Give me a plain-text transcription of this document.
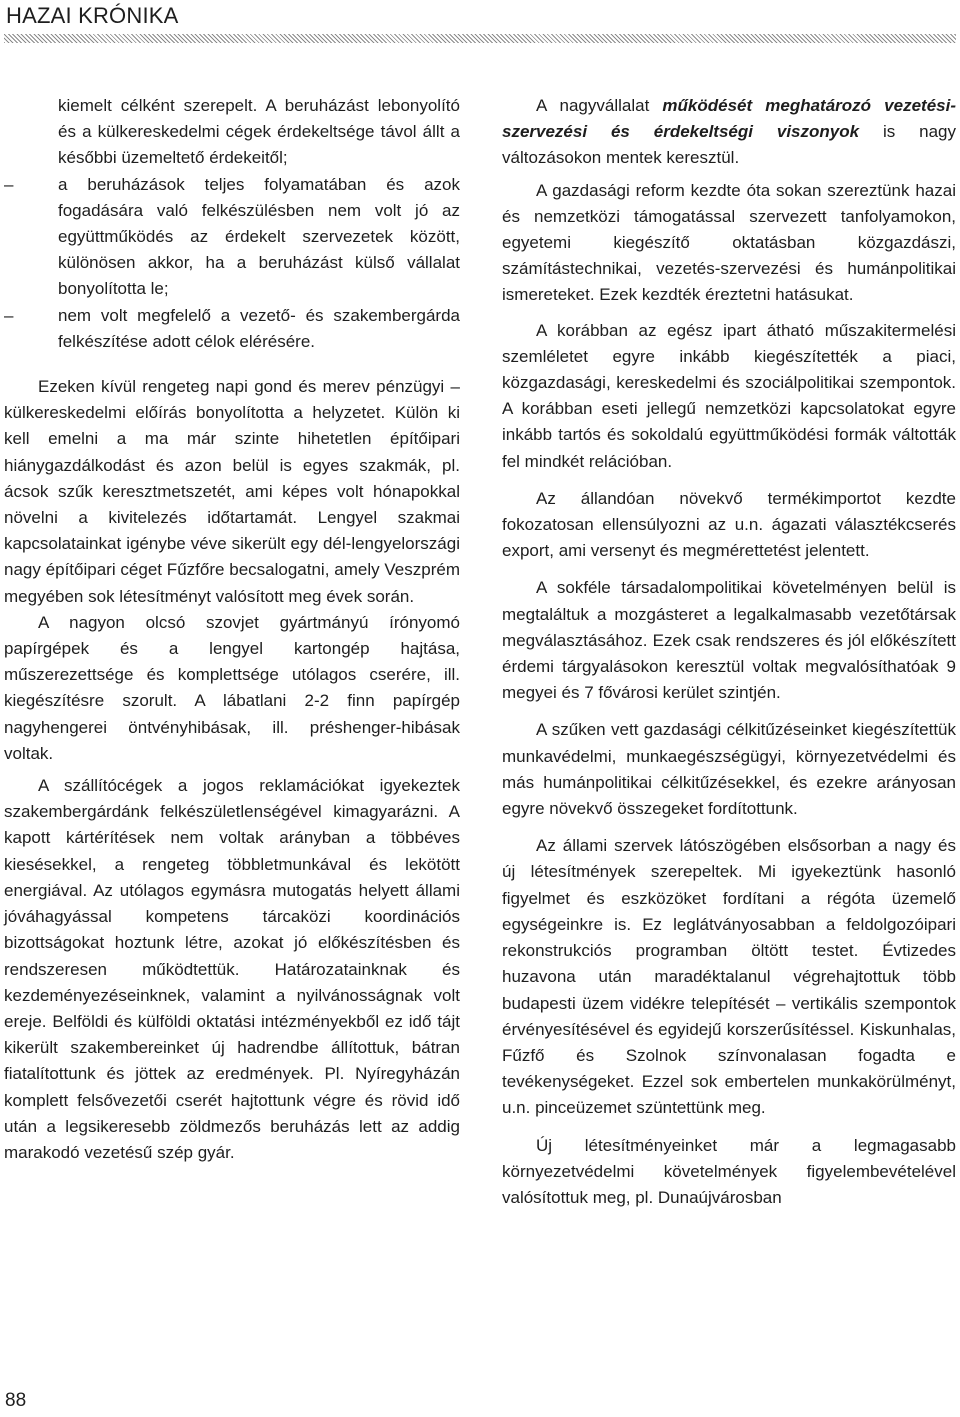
HAZAI KRÓNIKA

kiemelt célként szerepelt. A beruházást lebonyolító és a külkereskedelmi cégek érdekeltsége távol állt a későbbi üzemeltető érdekeitől;

–	a beruházások teljes folyamatában és azok fogadására való felkészülésben nem volt jó az együttműködés az érdekelt szervezetek között, különösen akkor, ha a beruházást külső vállalat bonyolította le;

–	nem volt megfelelő a vezető- és szakembergárda felkészítése adott célok elérésére.

Ezeken kívül rengeteg napi gond és merev pénzügyi – külkereskedelmi előírás bonyolította a helyzetet. Külön ki kell emelni a ma már szinte hihetetlen építőipari hiánygazdálkodást és azon belül is egyes szakmák, pl. ácsok szűk keresztmetszetét, ami képes volt hónapokkal növelni a kivitelezés időtartamát. Lengyel szakmai kapcsolatainkat igénybe véve sikerült egy dél-lengyelországi nagy építőipari céget Fűzfőre becsalogatni, amely Veszprém megyében sok létesítményt valósított meg évek során.

A nagyon olcsó szovjet gyártmányú írónyomó papírgépek és a lengyel kartongép hajtása, műszerezettsége és komplettsége utólagos cserére, ill. kiegészítésre szorult. A lábatlani 2-2 finn papírgép nagyhengerei öntvényhibásak, ill. préshenger-hibásak voltak.

A szállítócégek a jogos reklamációkat igyekeztek szakembergárdánk felkészületlenségével kimagyarázni. A kapott kártérítések nem voltak arányban a többéves kiesésekkel, a rengeteg többletmunkával és lekötött energiával. Az utólagos egymásra mutogatás helyett állami jóváhagyással kompetens tárcaközi koordinációs bizottságokat hoztunk létre, azokat jó előkészítésben és rendszeresen működtettük. Határozatainknak és kezdeményezéseinknek, valamint a nyilvánosságnak volt ereje. Belföldi és külföldi oktatási intézményekből ez idő tájt kikerült szakembereinket új hadrendbe állítottuk, bátran fiatalítottunk és jöttek az eredmények. Pl. Nyíregyházán komplett felsővezetői cserét hajtottunk végre és rövid idő után a legsikeresebb zöldmezős beruházás lett az addig marakodó vezetésű szép gyár.

A nagyvállalat működését meghatározó vezetési-szervezési és érdekeltségi viszonyok is nagy változásokon mentek keresztül.

A gazdasági reform kezdte óta sokan szereztünk hazai és nemzetközi támogatással szervezett tanfolyamokon, egyetemi kiegészítő oktatásban közgazdászi, számítástechnikai, vezetés-szervezési és humánpolitikai ismereteket. Ezek kezdték éreztetni hatásukat.

A korábban az egész ipart átható műszakitermelési szemléletet egyre inkább kiegészítették a piaci, közgazdasági, kereskedelmi és szociálpolitikai szempontok. A korábban eseti jellegű nemzetközi kapcsolatokat egyre inkább tartós és sokoldalú együttműködési formák váltották fel mindkét relációban.

Az állandóan növekvő termékimportot kezdte fokozatosan ellensúlyozni az u.n. ágazati választékcserés export, ami versenyt és megmérettetést jelentett.

A sokféle társadalompolitikai követelményen belül is megtaláltuk a mozgásteret a legalkalmasabb vezetőtársak megválasztásához. Ezek csak rendszeres és jól előkészített érdemi tárgyalásokon keresztül voltak megvalósíthatóak 9 megyei és 7 fővárosi kerület szintjén.

A szűken vett gazdasági célkitűzéseinket kiegészítettük munkavédelmi, munkaegészségügyi, környezetvédelmi és más humánpolitikai célkitűzésekkel, és ezekre arányosan egyre növekvő összegeket fordítottunk.

Az állami szervek látószögében elsősorban a nagy és új létesítmények szerepeltek. Mi igyekeztünk hasonló figyelmet és eszközöket fordítani a régóta üzemelő egységeinkre is. Ez leglátványosabban a feldolgozóipari rekonstrukciós programban öltött testet. Évtizedes huzavona után maradéktalanul végrehajtottuk több budapesti üzem vidékre telepítését – vertikális szempontok érvényesítésével és egyidejű korszerűsítéssel. Kiskunhalas, Fűzfő és Szolnok színvonalasan fogadta e tevékenységeket. Ezzel sok embertelen munkakörülményt, u.n. pinceüzemet szüntettünk meg.

Új létesítményeinket már a legmagasabb környezetvédelmi követelmények figyelembevételével valósítottuk meg, pl. Dunaújvárosban

88
